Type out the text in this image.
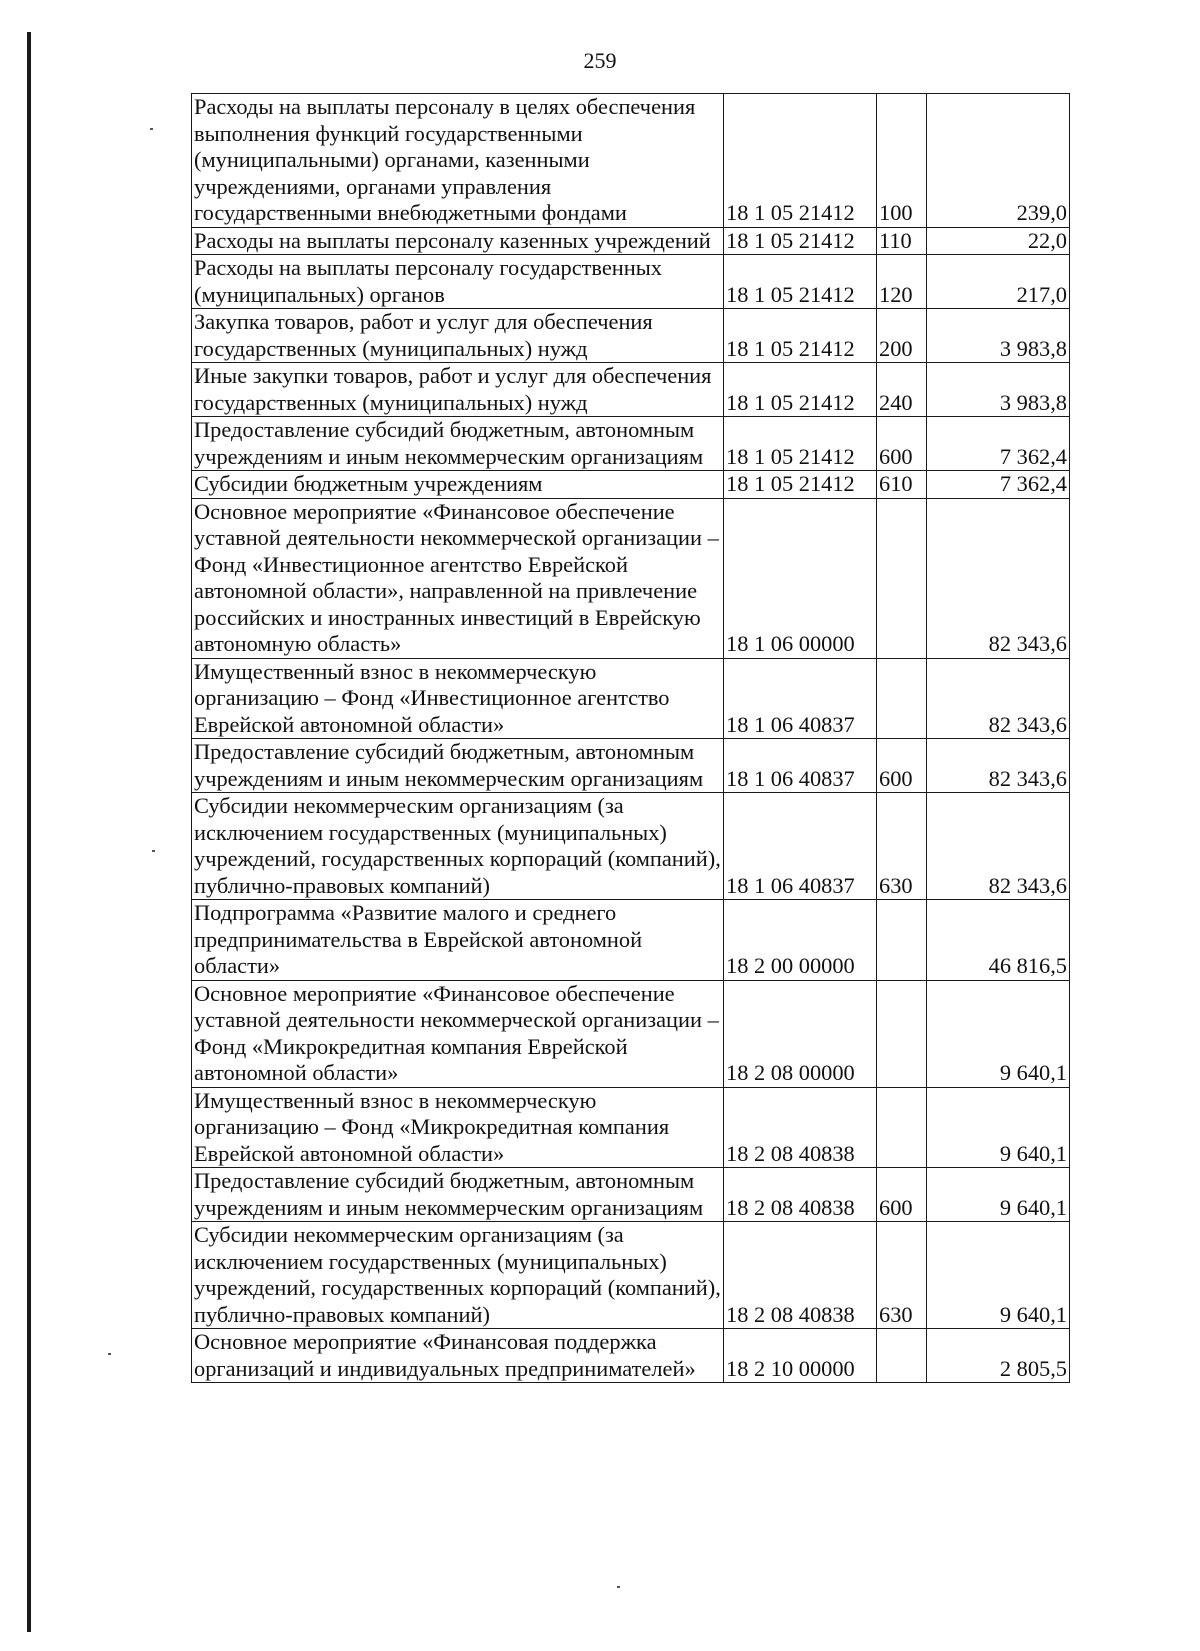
259
Расходы на выплаты персоналу в целях обеспечения выполнения функций государственными (муниципальными) органами, казенными учреждениями, органами управления государственными внебюджетными фондами	18 1 05 21412	100	239,0
Расходы на выплаты персоналу казенных учреждений	18 1 05 21412	110	22,0
Расходы на выплаты персоналу государственных (муниципальных) органов	18 1 05 21412	120	217,0
Закупка товаров, работ и услуг для обеспечения государственных (муниципальных) нужд	18 1 05 21412	200	3 983,8
Иные закупки товаров, работ и услуг для обеспечения государственных (муниципальных) нужд	18 1 05 21412	240	3 983,8
Предоставление субсидий бюджетным, автономным учреждениям и иным некоммерческим организациям	18 1 05 21412	600	7 362,4
Субсидии бюджетным учреждениям	18 1 05 21412	610	7 362,4
Основное мероприятие «Финансовое обеспечение уставной деятельности некоммерческой организации – Фонд «Инвестиционное агентство Еврейской автономной области», направленной на привлечение российских и иностранных инвестиций в Еврейскую автономную область»	18 1 06 00000		82 343,6
Имущественный взнос в некоммерческую организацию – Фонд «Инвестиционное агентство Еврейской автономной области»	18 1 06 40837		82 343,6
Предоставление субсидий бюджетным, автономным учреждениям и иным некоммерческим организациям	18 1 06 40837	600	82 343,6
Субсидии некоммерческим организациям (за исключением государственных (муниципальных) учреждений, государственных корпораций (компаний), публично-правовых компаний)	18 1 06 40837	630	82 343,6
Подпрограмма «Развитие малого и среднего предпринимательства в Еврейской автономной области»	18 2 00 00000		46 816,5
Основное мероприятие «Финансовое обеспечение уставной деятельности некоммерческой организации – Фонд «Микрокредитная компания Еврейской автономной области»	18 2 08 00000		9 640,1
Имущественный взнос в некоммерческую организацию – Фонд «Микрокредитная компания Еврейской автономной области»	18 2 08 40838		9 640,1
Предоставление субсидий бюджетным, автономным учреждениям и иным некоммерческим организациям	18 2 08 40838	600	9 640,1
Субсидии некоммерческим организациям (за исключением государственных (муниципальных) учреждений, государственных корпораций (компаний), публично-правовых компаний)	18 2 08 40838	630	9 640,1
Основное мероприятие «Финансовая поддержка организаций и индивидуальных предпринимателей»	18 2 10 00000		2 805,5
